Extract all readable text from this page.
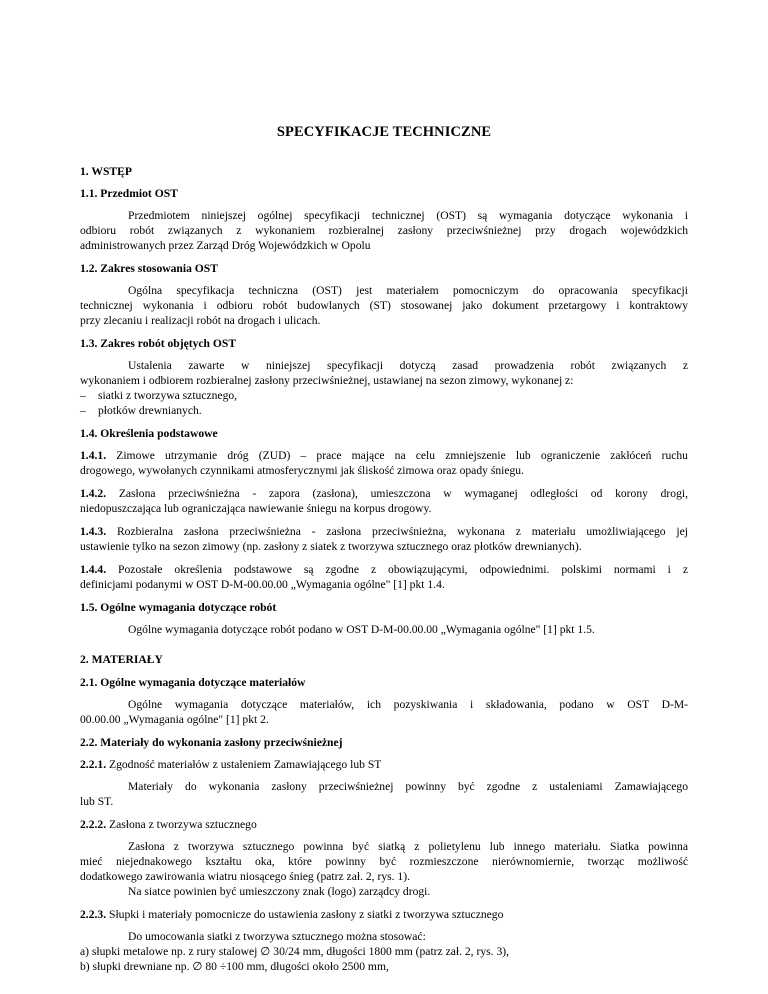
SPECYFIKACJE TECHNICZNE
1. WSTĘP
1.1. Przedmiot OST
Przedmiotem niniejszej ogólnej specyfikacji technicznej (OST) są wymagania dotyczące wykonania i
odbioru robót związanych z wykonaniem rozbieralnej zasłony przeciwśnieżnej przy drogach wojewódzkich
administrowanych przez Zarząd Dróg Wojewódzkich w Opolu
1.2. Zakres stosowania OST
Ogólna specyfikacja techniczna (OST) jest materiałem pomocniczym do opracowania specyfikacji
technicznej wykonania i odbioru robót budowlanych (ST) stosowanej jako dokument przetargowy i kontraktowy
przy zlecaniu i realizacji robót na drogach i ulicach.
1.3. Zakres robót objętych OST
Ustalenia zawarte w niniejszej specyfikacji dotyczą zasad prowadzenia robót związanych z
wykonaniem i odbiorem rozbieralnej zasłony przeciwśnieżnej, ustawianej na sezon zimowy, wykonanej z:
– siatki z tworzywa sztucznego,
– płotków drewnianych.
1.4. Określenia podstawowe
1.4.1. Zimowe utrzymanie dróg (ZUD) – prace mające na celu zmniejszenie lub ograniczenie zakłóceń ruchu
drogowego, wywołanych czynnikami atmosferycznymi jak śliskość zimowa oraz opady śniegu.
1.4.2. Zasłona przeciwśnieżna - zapora (zasłona), umieszczona w wymaganej odległości od korony drogi,
niedopuszczająca lub ograniczająca nawiewanie śniegu na korpus drogowy.
1.4.3. Rozbieralna zasłona przeciwśnieżna - zasłona przeciwśnieżna, wykonana z materiału umożliwiającego jej
ustawienie tylko na sezon zimowy (np. zasłony z siatek z tworzywa sztucznego oraz płotków drewnianych).
1.4.4. Pozostałe określenia podstawowe są zgodne z obowiązującymi, odpowiednimi. polskimi normami i z
definicjami podanymi w OST D-M-00.00.00 „Wymagania ogólne" [1] pkt 1.4.
1.5. Ogólne wymagania dotyczące robót
Ogólne wymagania dotyczące robót podano w OST D-M-00.00.00 „Wymagania ogólne" [1] pkt 1.5.
2. MATERIAŁY
2.1. Ogólne wymagania dotyczące materiałów
Ogólne wymagania dotyczące materiałów, ich pozyskiwania i składowania, podano w OST D-M-
00.00.00 „Wymagania ogólne" [1] pkt 2.
2.2. Materiały do wykonania zasłony przeciwśnieżnej
2.2.1. Zgodność materiałów z ustaleniem Zamawiającego lub ST
Materiały do wykonania zasłony przeciwśnieżnej powinny być zgodne z ustaleniami Zamawiającego
lub ST.
2.2.2. Zasłona z tworzywa sztucznego
Zasłona z tworzywa sztucznego powinna być siatką z polietylenu lub innego materiału. Siatka powinna
mieć niejednakowego kształtu oka, które powinny być rozmieszczone nierównomiernie, tworząc możliwość
dodatkowego zawirowania wiatru niosącego śnieg (patrz zał. 2, rys. 1).
Na siatce powinien być umieszczony znak (logo) zarządcy drogi.
2.2.3. Słupki i materiały pomocnicze do ustawienia zasłony z siatki z tworzywa sztucznego
Do umocowania siatki z tworzywa sztucznego można stosować:
a) słupki metalowe np. z rury stalowej ∅ 30/24 mm, długości 1800 mm (patrz zał. 2, rys. 3),
b) słupki drewniane np. ∅ 80 ÷100 mm, długości około 2500 mm,
